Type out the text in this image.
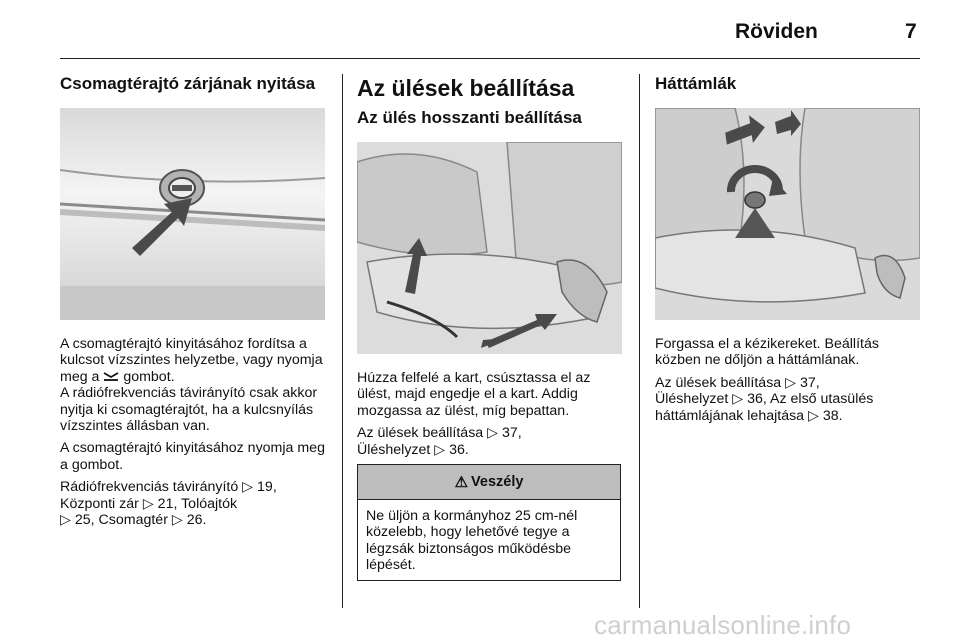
Röviden	7
Csomagtérajtó zárjának nyitása

A csomagtérajtó kinyitásához fordítsa a kulcsot vízszintes helyzetbe, vagy nyomja meg a  gombot.
A rádiófrekvenciás távirányító csak akkor nyitja ki csomagtérajtót, ha a kulcsnyílás vízszintes állásban van.

A csomagtérajtó kinyitásához nyomja meg a gombot.

Rádiófrekvenciás távirányító ▷ 19,
Központi zár ▷ 21, Tolóajtók
▷ 25, Csomagtér ▷ 26.

Az ülések beállítása
Az ülés hosszanti beállítása

Húzza felfelé a kart, csúsztassa el az ülést, majd engedje el a kart. Addig mozgassa az ülést, míg bepattan.

Az ülések beállítása ▷ 37,
Üléshelyzet ▷ 36.

⚠ Veszély

Ne üljön a kormányhoz 25 cm-nél közelebb, hogy lehetővé tegye a légzsák biztonságos működésbe lépését.

Háttámlák

Forgassa el a kézikereket. Beállítás közben ne dőljön a háttámlának.

Az ülések beállítása ▷ 37,
Üléshelyzet ▷ 36, Az első utasülés háttámlájának lehajtása ▷ 38.

carmanualsonline.info
